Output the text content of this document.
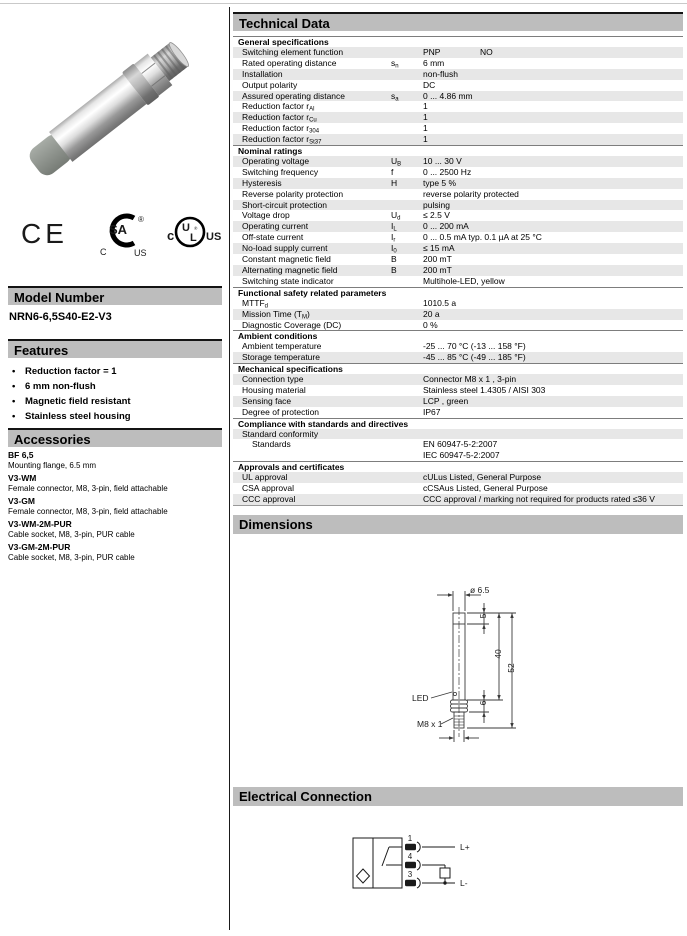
CE	SA
®
C	US
c U
L
®
US
Model Number
NRN6-6,5S40-E2-V3
Features
• Reduction factor = 1
• 6 mm non-flush
• Magnetic field resistant
• Stainless steel housing
Accessories
BF 6,5
Mounting flange, 6.5 mm
V3-WM
Female connector, M8, 3-pin, field attachable
V3-GM
Female connector, M8, 3-pin, field attachable
V3-WM-2M-PUR
Cable socket, M8, 3-pin, PUR cable
V3-GM-2M-PUR
Cable socket, M8, 3-pin, PUR cable
Technical Data
General specifications
Switching element function	PNP	NO
Rated operating distance	$s_n$	6 mm
Installation	non-flush
Output polarity	DC
Assured operating distance	$s_a$	0 ... 4.86 mm
Reduction factor $r_{Al}$	1
Reduction factor $r_{Cu}$	1
Reduction factor $r_{304}$	1
Reduction factor $r_{St37}$	1
Nominal ratings
Operating voltage	$U_B$	10 ... 30 V
Switching frequency	f	0 ... 2500 Hz
Hysteresis	H	type 5 %
Reverse polarity protection	reverse polarity protected
Short-circuit protection	pulsing
Voltage drop	$U_d$	≤ 2.5 V
Operating current	$I_L$	0 ... 200 mA
Off-state current	$I_r$	0 ... 0.5 mA typ. 0.1 µA at 25 °C
No-load supply current	$I_0$	≤ 15 mA
Constant magnetic field	B	200 mT
Alternating magnetic field	B	200 mT
Switching state indicator	Multihole-LED, yellow
Functional safety related parameters
$MTTF_d$	1010.5 a
Mission Time $(T_M)$	20 a
Diagnostic Coverage (DC)	0 %
Ambient conditions
Ambient temperature	-25 ... 70 °C (-13 ... 158 °F)
Storage temperature	-45 ... 85 °C (-49 ... 185 °F)
Mechanical specifications
Connection type	Connector M8 x 1 , 3-pin
Housing material	Stainless steel 1.4305 / AISI 303
Sensing face	LCP , green
Degree of protection	IP67
Compliance with standards and directives
Standard conformity
Standards	EN 60947-5-2:2007
IEC 60947-5-2:2007
Approvals and certificates
UL approval	cULus Listed, General Purpose
CSA approval	cCSAus Listed, General Purpose
CCC approval	CCC approval / marking not required for products rated ≤36 V
Dimensions
ø 6.5
5
40
52
6
LED
M8 x 1
Electrical Connection
1
4
3
L+
L-
